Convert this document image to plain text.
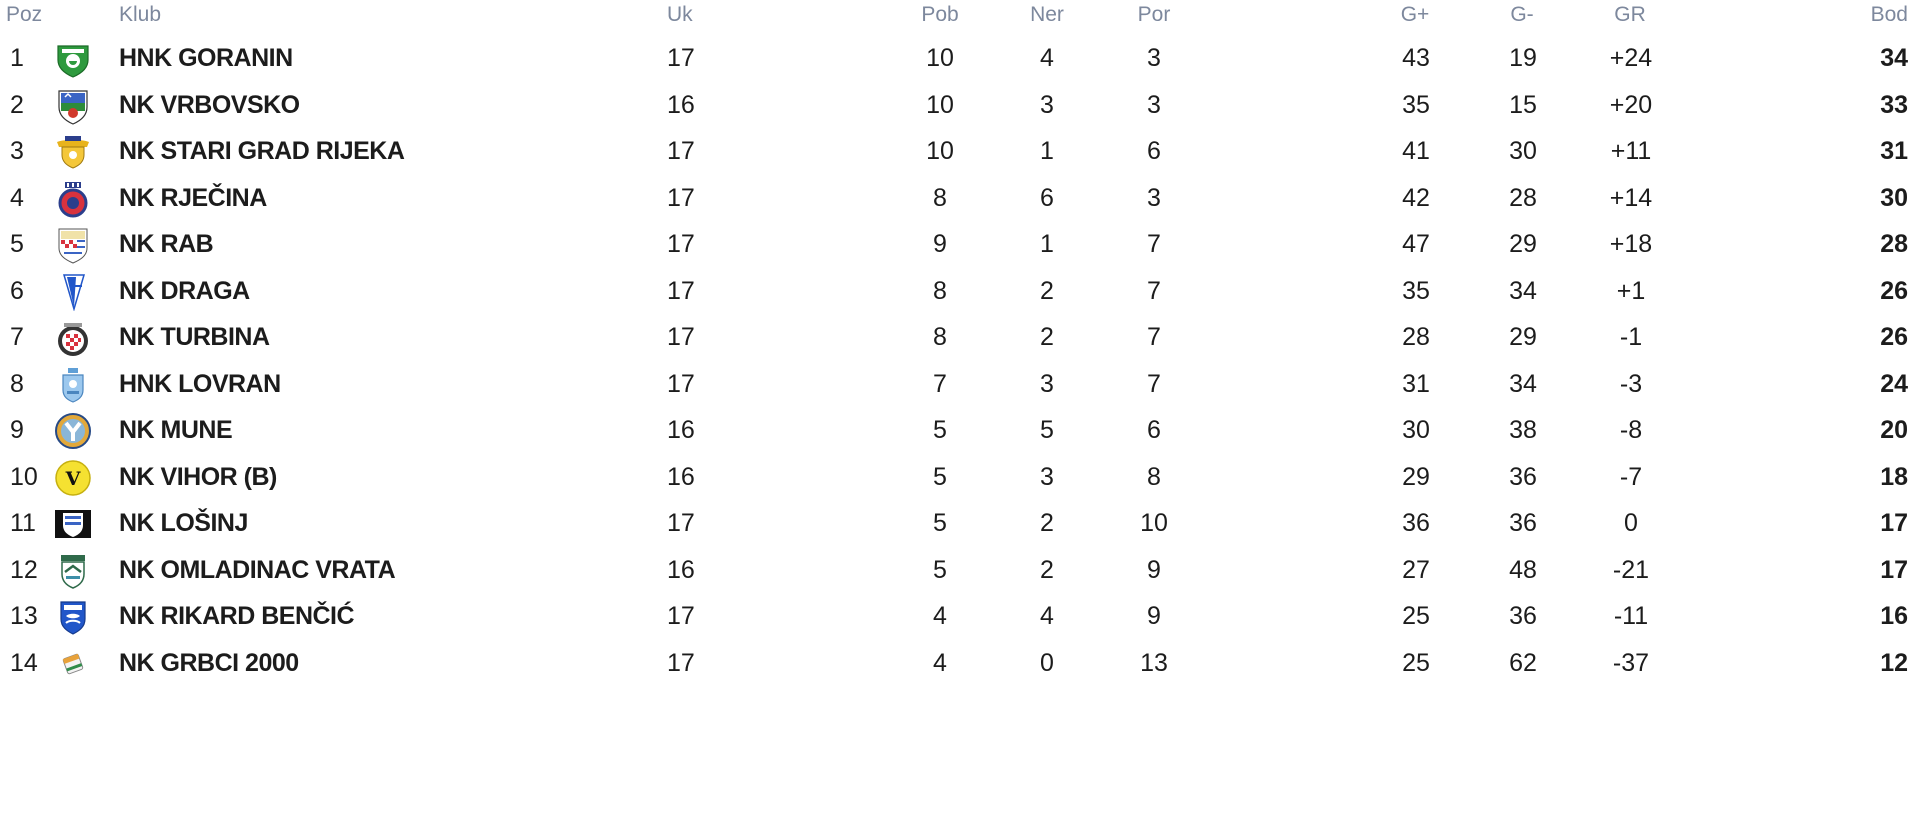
Poz	Klub	Uk	Pob	Ner	Por	G+	G-	GR	Bod
1	HNK GORANIN	17	10	4	3	43	19	+24	34
2	NK VRBOVSKO	16	10	3	3	35	15	+20	33
3	NK STARI GRAD RIJEKA	17	10	1	6	41	30	+11	31
4	NK RJEČINA	17	8	6	3	42	28	+14	30
5	NK RAB	17	9	1	7	47	29	+18	28
6	NK DRAGA	17	8	2	7	35	34	+1	26
7	NK TURBINA	17	8	2	7	28	29	-1	26
8	HNK LOVRAN	17	7	3	7	31	34	-3	24
9	NK MUNE	16	5	5	6	30	38	-8	20
V
10	NK VIHOR (B)	16	5	3	8	29	36	-7	18
11	NK LOŠINJ	17	5	2	10	36	36	0	17
12	NK OMLADINAC VRATA	16	5	2	9	27	48	-21	17
13	NK RIKARD BENČIĆ	17	4	4	9	25	36	-11	16
14	NK GRBCI 2000	17	4	0	13	25	62	-37	12
